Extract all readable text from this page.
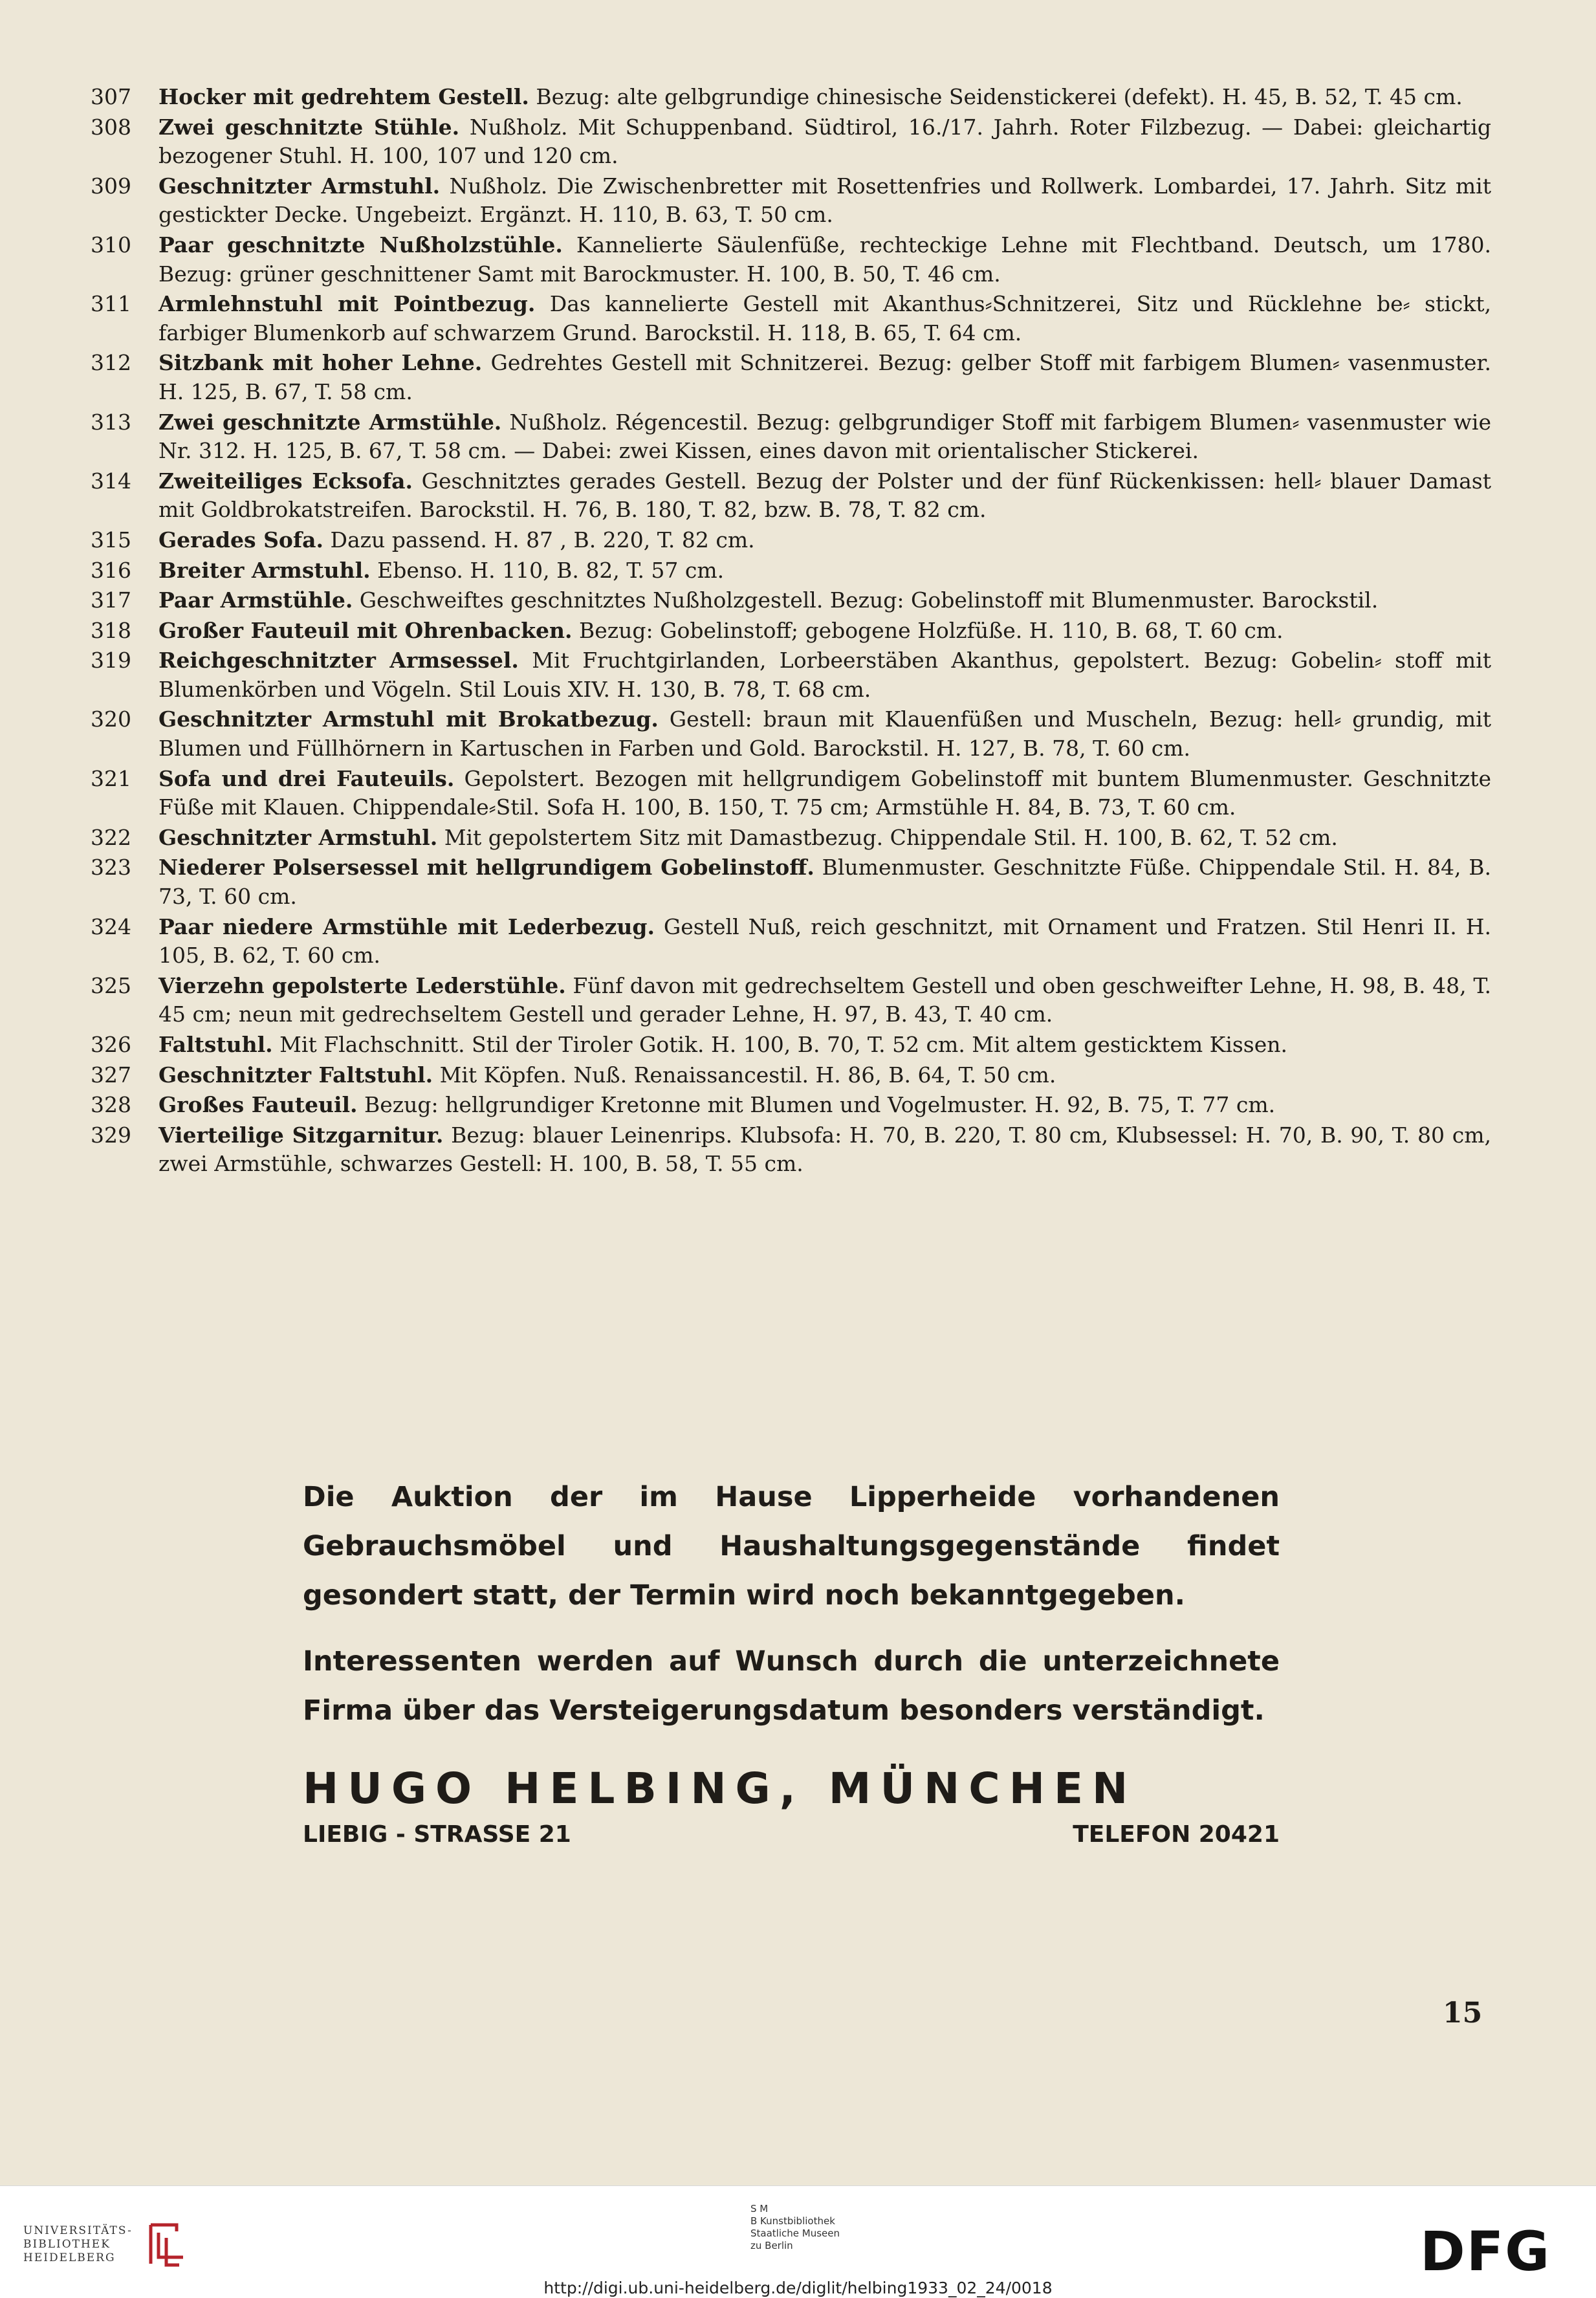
307	Hocker mit gedrehtem Gestell. Bezug: alte gelbgrundige chinesische Seidenstickerei (defekt). H. 45, B. 52, T. 45 cm.
308	Zwei geschnitzte Stühle. Nußholz. Mit Schuppenband. Südtirol, 16./17. Jahrh. Roter Filzbezug. — Dabei: gleichartig bezogener Stuhl. H. 100, 107 und 120 cm.
309	Geschnitzter Armstuhl. Nußholz. Die Zwischenbretter mit Rosettenfries und Rollwerk. Lombardei, 17. Jahrh. Sitz mit gestickter Decke. Ungebeizt. Ergänzt. H. 110, B. 63, T. 50 cm.
310	Paar geschnitzte Nußholzstühle. Kannelierte Säulenfüße, rechteckige Lehne mit Flechtband. Deutsch, um 1780. Bezug: grüner geschnittener Samt mit Barockmuster. H. 100, B. 50, T. 46 cm.
311	Armlehnstuhl mit Pointbezug. Das kannelierte Gestell mit Akanthus⸗Schnitzerei, Sitz und Rücklehne be⸗ stickt, farbiger Blumenkorb auf schwarzem Grund. Barockstil. H. 118, B. 65, T. 64 cm.
312	Sitzbank mit hoher Lehne. Gedrehtes Gestell mit Schnitzerei. Bezug: gelber Stoff mit farbigem Blumen⸗ vasenmuster. H. 125, B. 67, T. 58 cm.
313	Zwei geschnitzte Armstühle. Nußholz. Régencestil. Bezug: gelbgrundiger Stoff mit farbigem Blumen⸗ vasenmuster wie Nr. 312. H. 125, B. 67, T. 58 cm. — Dabei: zwei Kissen, eines davon mit orientalischer Stickerei.
314	Zweiteiliges Ecksofa. Geschnitztes gerades Gestell. Bezug der Polster und der fünf Rückenkissen: hell⸗ blauer Damast mit Goldbrokatstreifen. Barockstil. H. 76, B. 180, T. 82, bzw. B. 78, T. 82 cm.
315	Gerades Sofa. Dazu passend. H. 87 , B. 220, T. 82 cm.
316	Breiter Armstuhl. Ebenso. H. 110, B. 82, T. 57 cm.
317	Paar Armstühle. Geschweiftes geschnitztes Nußholzgestell. Bezug: Gobelinstoff mit Blumenmuster. Barockstil.
318	Großer Fauteuil mit Ohrenbacken. Bezug: Gobelinstoff; gebogene Holzfüße. H. 110, B. 68, T. 60 cm.
319	Reichgeschnitzter Armsessel. Mit Fruchtgirlanden, Lorbeerstäben Akanthus, gepolstert. Bezug: Gobelin⸗ stoff mit Blumenkörben und Vögeln. Stil Louis XIV. H. 130, B. 78, T. 68 cm.
320	Geschnitzter Armstuhl mit Brokatbezug. Gestell: braun mit Klauenfüßen und Muscheln, Bezug: hell⸗ grundig, mit Blumen und Füllhörnern in Kartuschen in Farben und Gold. Barockstil. H. 127, B. 78, T. 60 cm.
321	Sofa und drei Fauteuils. Gepolstert. Bezogen mit hellgrundigem Gobelinstoff mit buntem Blumenmuster. Geschnitzte Füße mit Klauen. Chippendale⸗Stil. Sofa H. 100, B. 150, T. 75 cm; Armstühle H. 84, B. 73, T. 60 cm.
322	Geschnitzter Armstuhl. Mit gepolstertem Sitz mit Damastbezug. Chippendale Stil. H. 100, B. 62, T. 52 cm.
323	Niederer Polsersessel mit hellgrundigem Gobelinstoff. Blumenmuster. Geschnitzte Füße. Chippendale Stil. H. 84, B. 73, T. 60 cm.
324	Paar niedere Armstühle mit Lederbezug. Gestell Nuß, reich geschnitzt, mit Ornament und Fratzen. Stil Henri II. H. 105, B. 62, T. 60 cm.
325	Vierzehn gepolsterte Lederstühle. Fünf davon mit gedrechseltem Gestell und oben geschweifter Lehne, H. 98, B. 48, T. 45 cm; neun mit gedrechseltem Gestell und gerader Lehne, H. 97, B. 43, T. 40 cm.
326	Faltstuhl. Mit Flachschnitt. Stil der Tiroler Gotik. H. 100, B. 70, T. 52 cm. Mit altem gesticktem Kissen.
327	Geschnitzter Faltstuhl. Mit Köpfen. Nuß. Renaissancestil. H. 86, B. 64, T. 50 cm.
328	Großes Fauteuil. Bezug: hellgrundiger Kretonne mit Blumen und Vogelmuster. H. 92, B. 75, T. 77 cm.
329	Vierteilige Sitzgarnitur. Bezug: blauer Leinenrips. Klubsofa: H. 70, B. 220, T. 80 cm, Klubsessel: H. 70, B. 90, T. 80 cm, zwei Armstühle, schwarzes Gestell: H. 100, B. 58, T. 55 cm.

Die Auktion der im Hause Lipperheide vorhandenen Gebrauchsmöbel und Haushaltungsgegenstände findet gesondert statt, der Termin wird noch bekanntgegeben.

Interessenten werden auf Wunsch durch die unterzeichnete Firma über das Versteigerungsdatum besonders verständigt.

HUGO HELBING, MÜNCHEN
LIEBIG - STRASSE 21	TELEFON 20421
15
UNIVERSITÄTS-
BIBLIOTHEK
HEIDELBERG
S M
B Kunstbibliothek
Staatliche Museen
zu Berlin	DFG
http://digi.ub.uni-heidelberg.de/diglit/helbing1933_02_24/0018
